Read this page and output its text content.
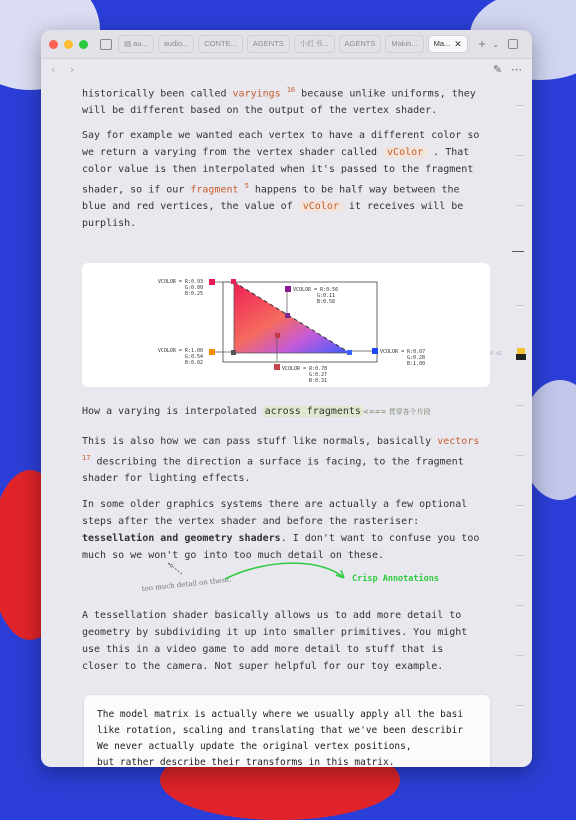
▤ au...	audio...	CONTE...	AGENTS	小红书...	AGENTS	Makin...	Ma... ✕ + ⌄
‹ ›	✎ ⋯

historically been called varyings $^{16}$ because unlike uniforms, they will be different based on the output of the vertex shader.

Say for example we wanted each vertex to have a different color so we return a varying from the vertex shader called vColor . That color value is then interpolated when it's passed to the fragment shader, so if our fragment $^5$ happens to be half way between the blue and red vertices, the value of vColor it receives will be purplish.

VCOLOR = R:0.93
G:0.00
B:0.25
VCOLOR = R:0.56
G:0.11
B:0.58
VCOLOR = R:1.00
G:0.54
B:0.02
VCOLOR = R:0.07
G:0.28
B:1.00
VCOLOR = R:0.78
G:0.27
B:0.31

How a varying is interpolated across fragments <=== 贯穿各个片段

This is also how we can pass stuff like normals, basically vectors $^{17}$ describing the direction a surface is facing, to the fragment shader for lighting effects.

In some older graphics systems there are actually a few optional steps after the vertex shader and before the rasteriser: tessellation and geometry shaders. I don't want to confuse you too much so we won't go into too much detail on these.

too much detail on these.	Crisp Annotations

A tessellation shader basically allows us to add more detail to geometry by subdividing it up into smaller primitives. You might use this in a video game to add more detail to stuff that is closer to the camera. Not super helpful for our toy example.

The model matrix is actually where we usually apply all the basi
like rotation, scaling and translating that we've been describir
We never actually update the original vertex positions,
but rather describe their transforms in this matrix.
0.42
